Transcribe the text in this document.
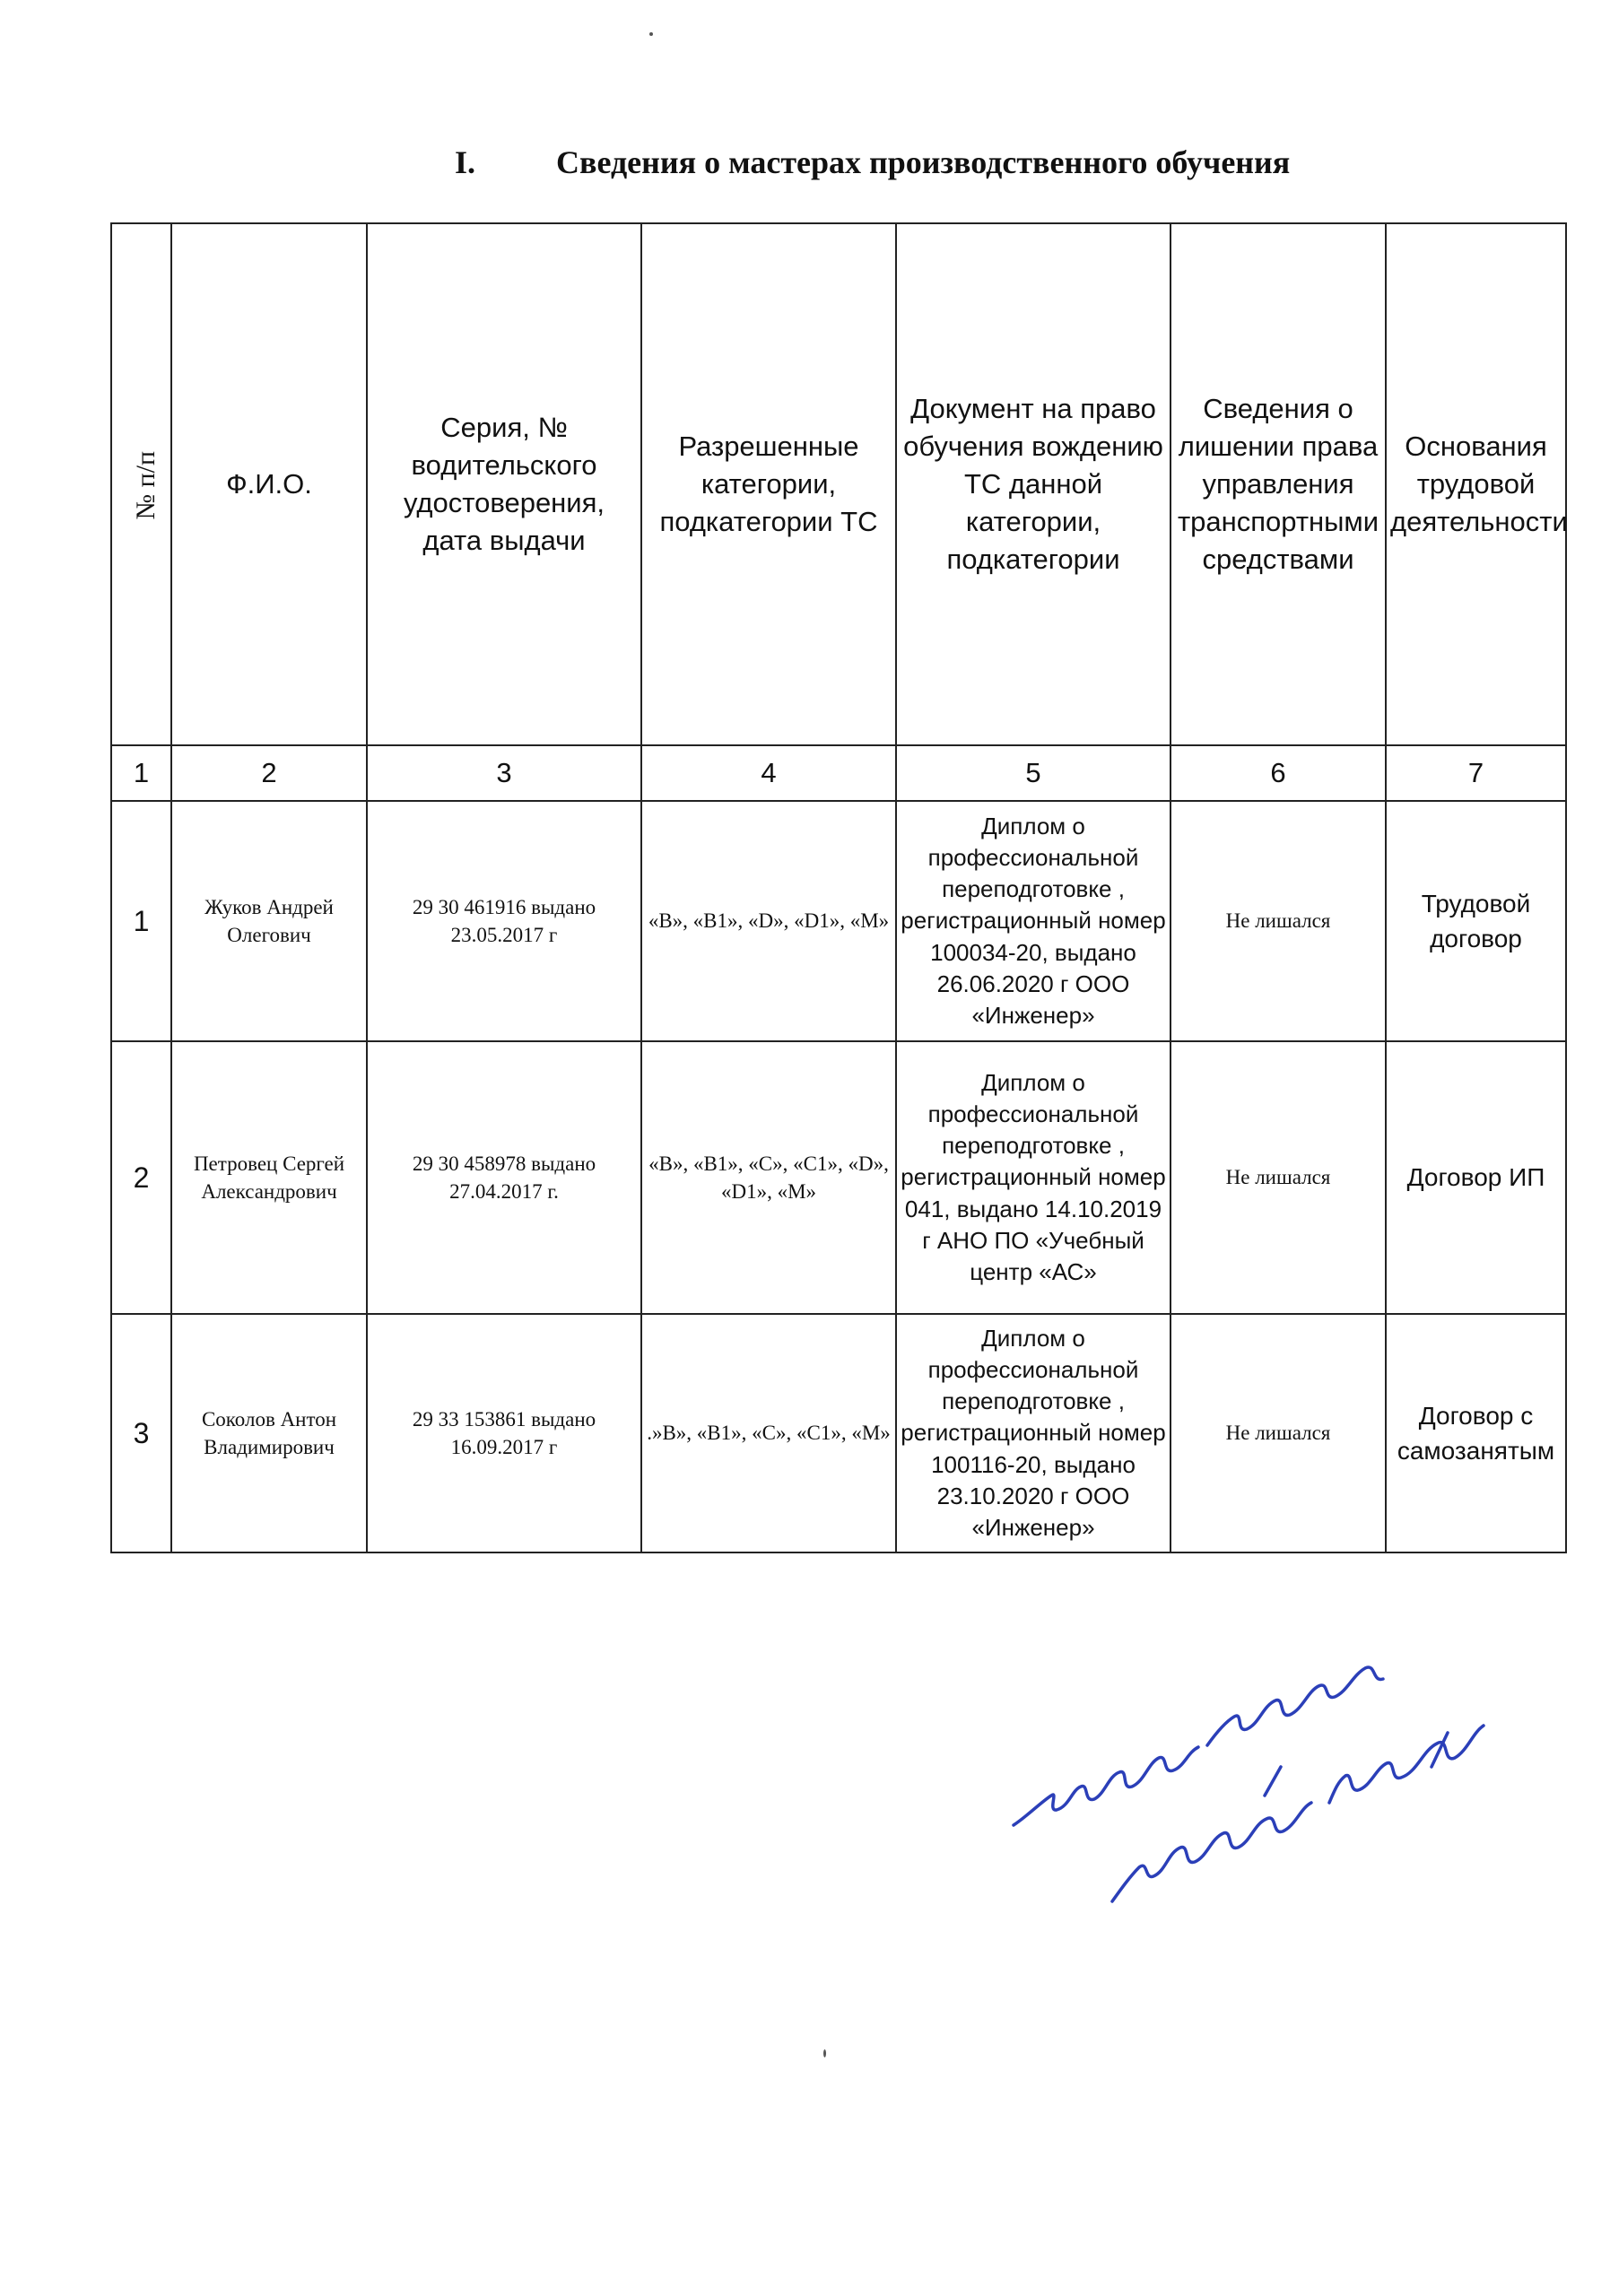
I. Сведения о мастерах производственного обучения
№ п/п	Ф.И.О.	Серия, № водительского удостоверения, дата выдачи	Разрешенные категории, подкатегории ТС	Документ на право обучения вождению ТС данной категории, подкатегории	Сведения о лишении права управления транспортными средствами	Основания трудовой деятельности
1	2	3	4	5	6	7
1	Жуков Андрей Олегович	29 30 461916 выдано 23.05.2017 г	«B», «B1», «D», «D1», «M»	Диплом о профессиональной переподготовке , регистрационный номер 100034-20, выдано 26.06.2020 г ООО «Инженер»	Не лишался	Трудовой договор
2	Петровец Сергей Александрович	29 30 458978 выдано 27.04.2017 г.	«B», «B1», «C», «C1», «D», «D1», «M»	Диплом о профессиональной переподготовке , регистрационный номер 041, выдано 14.10.2019 г АНО ПО «Учебный центр «АС»	Не лишался	Договор ИП
3	Соколов Антон Владимирович	29 33 153861 выдано 16.09.2017 г	.»B», «B1», «C», «C1», «M»	Диплом о профессиональной переподготовке , регистрационный номер 100116-20, выдано 23.10.2020 г ООО «Инженер»	Не лишался	Договор с самозанятым
